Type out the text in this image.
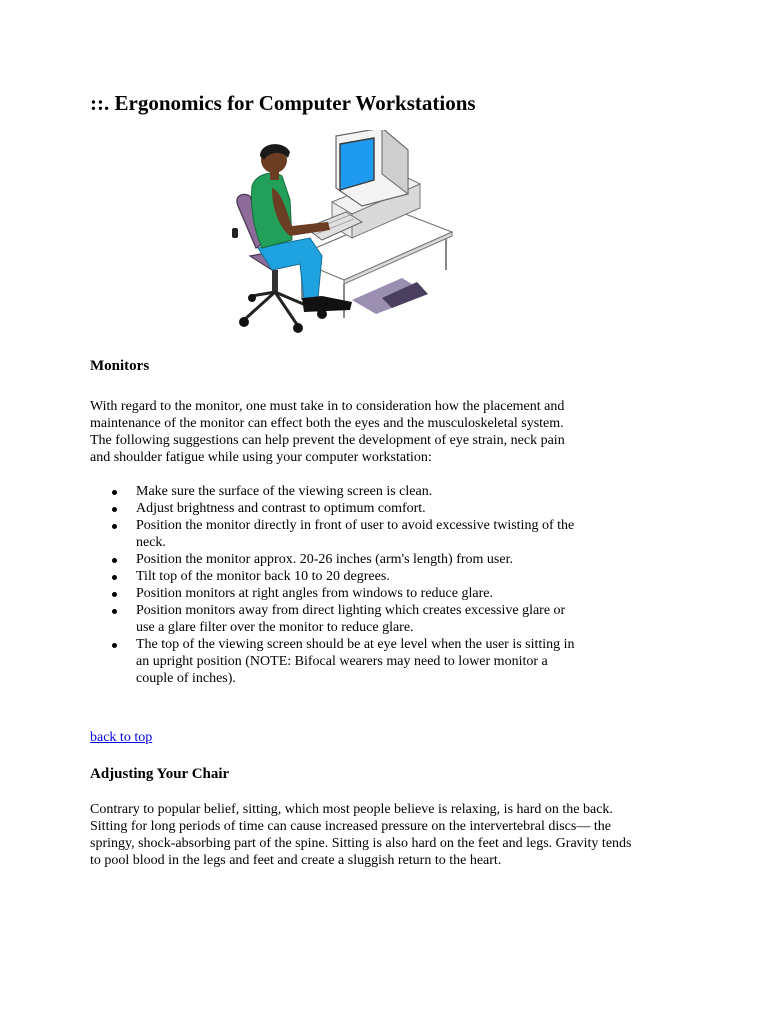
::. Ergonomics for Computer Workstations
Monitors

With regard to the monitor, one must take in to consideration how the placement and
maintenance of the monitor can effect both the eyes and the musculoskeletal system.
The following suggestions can help prevent the development of eye strain, neck pain
and shoulder fatigue while using your computer workstation:

Make sure the surface of the viewing screen is clean.
Adjust brightness and contrast to optimum comfort.
Position the monitor directly in front of user to avoid excessive twisting of the
neck.
Position the monitor approx. 20-26 inches (arm's length) from user.
Tilt top of the monitor back 10 to 20 degrees.
Position monitors at right angles from windows to reduce glare.
Position monitors away from direct lighting which creates excessive glare or
use a glare filter over the monitor to reduce glare.
The top of the viewing screen should be at eye level when the user is sitting in
an upright position (NOTE: Bifocal wearers may need to lower monitor a
couple of inches).
back to top
Adjusting Your Chair

Contrary to popular belief, sitting, which most people believe is relaxing, is hard on the back.
Sitting for long periods of time can cause increased pressure on the intervertebral discs— the
springy, shock-absorbing part of the spine. Sitting is also hard on the feet and legs. Gravity tends
to pool blood in the legs and feet and create a sluggish return to the heart.
